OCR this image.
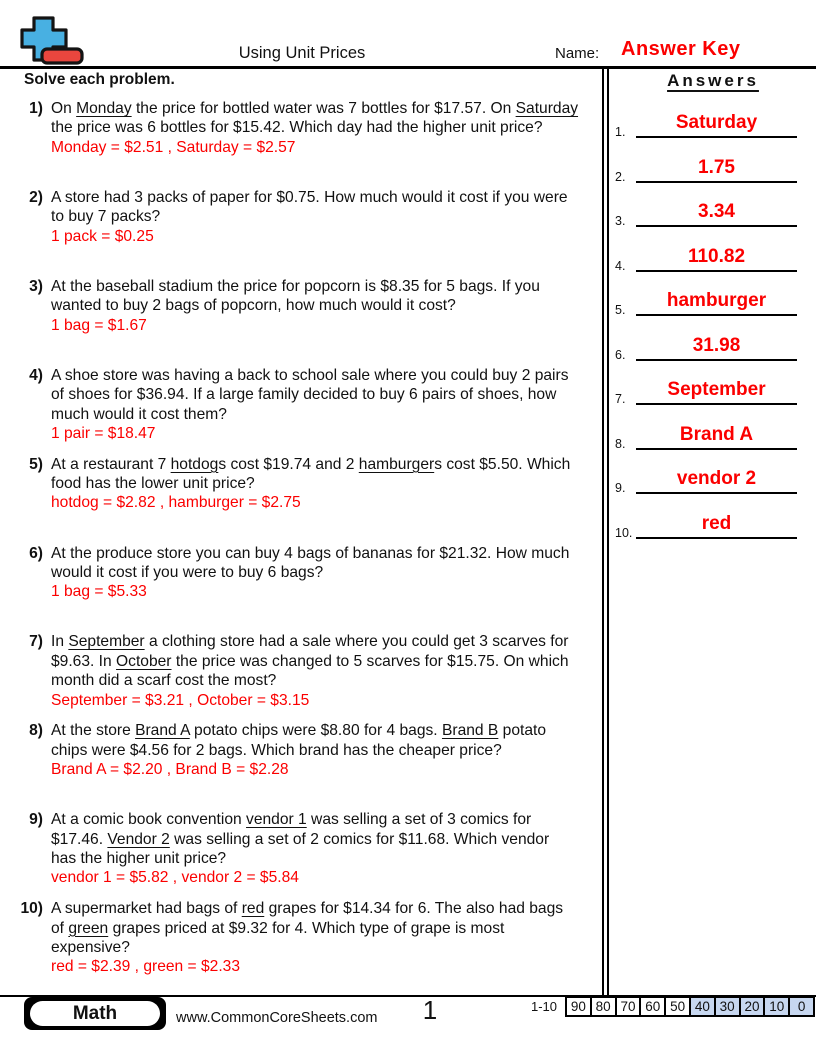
Using Unit Prices	Name: Answer Key
Solve each problem.
1) On Monday the price for bottled water was 7 bottles for $17.57. On Saturday
the price was 6 bottles for $15.42. Which day had the higher unit price?
Monday = $2.51 , Saturday = $2.57
2) A store had 3 packs of paper for $0.75. How much would it cost if you were
to buy 7 packs?
1 pack = $0.25
3) At the baseball stadium the price for popcorn is $8.35 for 5 bags. If you
wanted to buy 2 bags of popcorn, how much would it cost?
1 bag = $1.67
4) A shoe store was having a back to school sale where you could buy 2 pairs
of shoes for $36.94. If a large family decided to buy 6 pairs of shoes, how
much would it cost them?
1 pair = $18.47
5) At a restaurant 7 hotdogs cost $19.74 and 2 hamburgers cost $5.50. Which
food has the lower unit price?
hotdog = $2.82 , hamburger = $2.75
6) At the produce store you can buy 4 bags of bananas for $21.32. How much
would it cost if you were to buy 6 bags?
1 bag = $5.33
7) In September a clothing store had a sale where you could get 3 scarves for
$9.63. In October the price was changed to 5 scarves for $15.75. On which
month did a scarf cost the most?
September = $3.21 , October = $3.15
8) At the store Brand A potato chips were $8.80 for 4 bags. Brand B potato
chips were $4.56 for 2 bags. Which brand has the cheaper price?
Brand A = $2.20 , Brand B = $2.28
9) At a comic book convention vendor 1 was selling a set of 3 comics for
$17.46. Vendor 2 was selling a set of 2 comics for $11.68. Which vendor
has the higher unit price?
vendor 1 = $5.82 , vendor 2 = $5.84
10) A supermarket had bags of red grapes for $14.34 for 6. The also had bags
of green grapes priced at $9.32 for 4. Which type of grape is most
expensive?
red = $2.39 , green = $2.33
Answers
1.	Saturday
2.	1.75
3.	3.34
4.	110.82
5.	hamburger
6.	31.98
7.	September
8.	Brand A
9.	vendor 2
10.	red
Math	www.CommonCoreSheets.com	1	1-10 90 80 70 60 50 40 30 20 10	0
